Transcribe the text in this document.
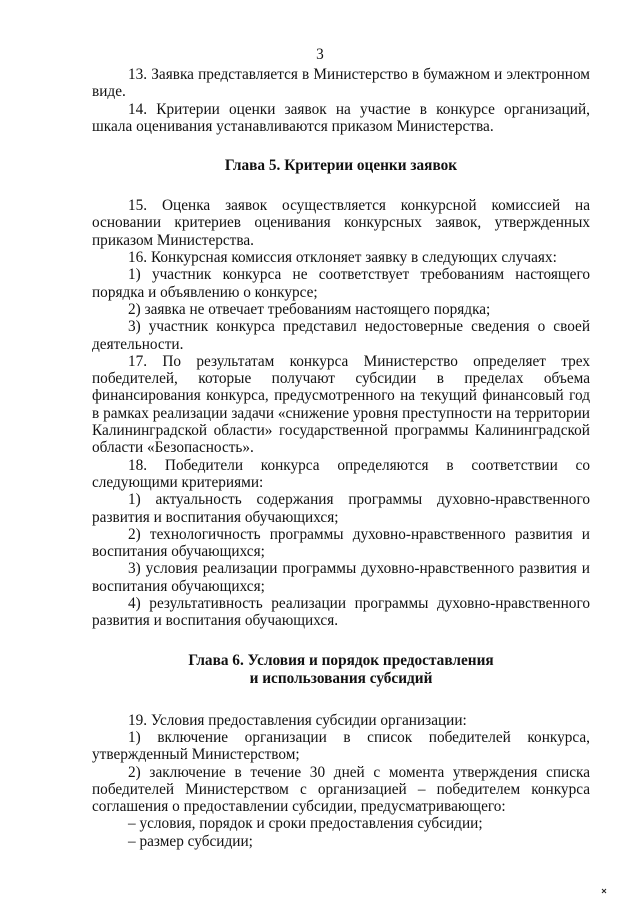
3

13. Заявка представляется в Министерство в бумажном и электронном виде.

14. Критерии оценки заявок на участие в конкурсе организаций, шкала оценивания устанавливаются приказом Министерства.

Глава 5. Критерии оценки заявок

15. Оценка заявок осуществляется конкурсной комиссией на основании критериев оценивания конкурсных заявок, утвержденных приказом Министерства.

16. Конкурсная комиссия отклоняет заявку в следующих случаях:

1) участник конкурса не соответствует требованиям настоящего порядка и объявлению о конкурсе;

2) заявка не отвечает требованиям настоящего порядка;

3) участник конкурса представил недостоверные сведения о своей деятельности.

17. По результатам конкурса Министерство определяет трех победителей, которые получают субсидии в пределах объема финансирования конкурса, предусмотренного на текущий финансовый год в рамках реализации задачи «снижение уровня преступности на территории Калининградской области» государственной программы Калининградской области «Безопасность».

18. Победители конкурса определяются в соответствии со следующими критериями:

1) актуальность содержания программы духовно-нравственного развития и воспитания обучающихся;

2) технологичность программы духовно-нравственного развития и воспитания обучающихся;

3) условия реализации программы духовно-нравственного развития и воспитания обучающихся;

4) результативность реализации программы духовно-нравственного развития и воспитания обучающихся.

Глава 6. Условия и порядок предоставления
и использования субсидий

19. Условия предоставления субсидии организации:

1) включение организации в список победителей конкурса, утвержденный Министерством;

2) заключение в течение 30 дней с момента утверждения списка победителей Министерством с организацией – победителем конкурса соглашения о предоставлении субсидии, предусматривающего:

– условия, порядок и сроки предоставления субсидии;

– размер субсидии;
